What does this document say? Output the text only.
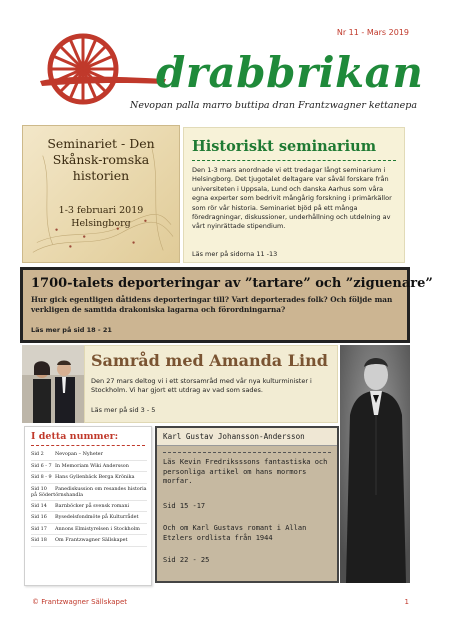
Nr 11 - Mars 2019
drabbrikan
Nevopan palla marro buttipa dran Frantzwagner kettanepa
Seminariet - Den Skånsk-romska historien
1-3 februari 2019
Helsingborg
Historiskt seminarium

Den 1-3 mars anordnade vi ett tredagar långt seminarium i Helsingborg. Det tjugotalet deltagare var såväl forskare från universiteten i Uppsala, Lund och danska Aarhus som våra egna experter som bedrivit mångårig forskning i primärkällor som rör vår historia. Seminariet bjöd på ett många föredragningar, diskussioner, underhållning och utdelning av vårt nyinrättade stipendium.

Läs mer på sidorna 11 -13
1700-talets deporteringar av ”tartare” och ”ziguenare”

Hur gick egentligen dåtidens deporteringar till? Vart deporterades folk? Och följde man verkligen de samtida drakoniska lagarna och förordningarna?

Läs mer på sid 18 - 21
Samråd med Amanda Lind

Den 27 mars deltog vi i ett storsamråd med vår nya kulturminister i Stockholm. Vi har gjort ett utdrag av vad som sades.

Läs mer på sid 3 - 5
I detta nummer:
Sid 2 Nevopan – Nyheter
Sid 6 - 7 In Memoriam Wiki Andersson
Sid 8 - 9 Hans Gyllenbäck Berga Krönika
Sid 10 Panediskussion om resandes historia på Södertörnshandla
Sid 14 Barnböcker på svensk romani
Sid 16 Bysedelsfondmöte på Kulturrådet
Sid 17 Annons Elmistyrelsen i Stockholm
Sid 18 Om Frantzwagner Sällskapet
Karl Gustav Johansson-Andersson
Läs Kevin Fredriksssons fantastiska och personliga artikel om hans mormors morfar.
Sid 15 -17
Och om Karl Gustavs romant i Allan Etzlers ordlista från 1944
Sid 22 - 25
© Frantzwagner Sällskapet	1
